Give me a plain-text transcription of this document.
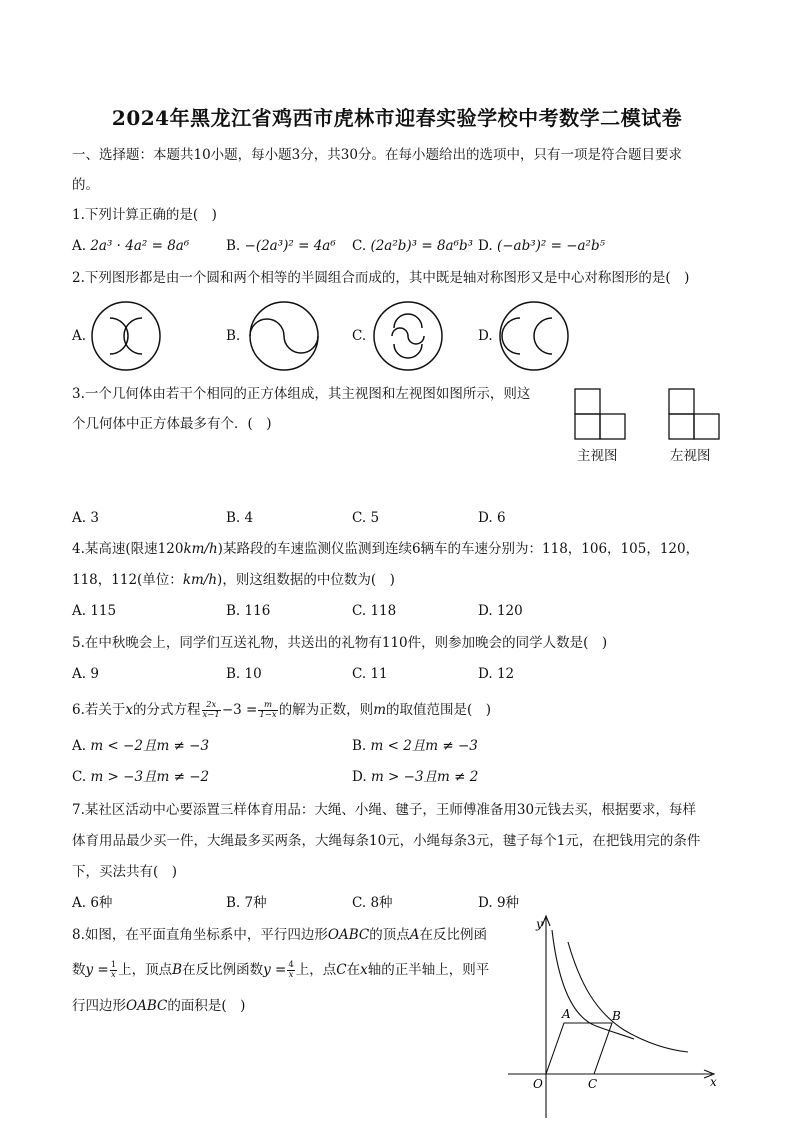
2024年黑龙江省鸡西市虎林市迎春实验学校中考数学二模试卷
一、选择题：本题共10小题，每小题3分，共30分。在每小题给出的选项中，只有一项是符合题目要求
的。
1.下列计算正确的是(　)
A. 2a³ · 4a² = 8a⁶	B. −(2a³)² = 4a⁶ C. (2a²b)³ = 8a⁶b³ D. (−ab³)² = −a²b⁵
2.下列图形都是由一个圆和两个相等的半圆组合而成的，其中既是轴对称图形又是中心对称图形的是(　)
A.	B.	C.	D.
3.一个几何体由若干个相同的正方体组成，其主视图和左视图如图所示，则这
个几何体中正方体最多有个．(　)
主视图	左视图
A. 3	B. 4	C. 5	D. 6
4.某高速(限速120km/h)某路段的车速监测仪监测到连续6辆车的车速分别为：118，106，105，120，
118，112(单位：km/h)，则这组数据的中位数为(　)
A. 115	B. 116	C. 118	D. 120
5.在中秋晚会上，同学们互送礼物，共送出的礼物有110件，则参加晚会的同学人数是(　)
A. 9	B. 10	C. 11	D. 12
6.若关于x的分式方程 $\frac{2x}{x-1} -3 = \frac{m}{1-x}$ 的解为正数，则m的取值范围是(　)
A. m < −2且m ≠ −3	B. m < 2且m ≠ −3
C. m > −3且m ≠ −2	D. m > −3且m ≠ 2
7.某社区活动中心要添置三样体育用品：大绳、小绳、毽子，王师傅准备用30元钱去买，根据要求，每样
体育用品最少买一件，大绳最多买两条，大绳每条10元，小绳每条3元，毽子每个1元，在把钱用完的条件
下，买法共有(　)
A. 6种	B. 7种	C. 8种	D. 9种
8.如图，在平面直角坐标系中，平行四边形OABC的顶点A在反比例函
数$y = \frac{1}{x}$ 上，顶点B在反比例函数$y = \frac{4}{x}$ 上，点C在x轴的正半轴上，则平
行四边形OABC的面积是(　)
y
x
O
A	B
C
